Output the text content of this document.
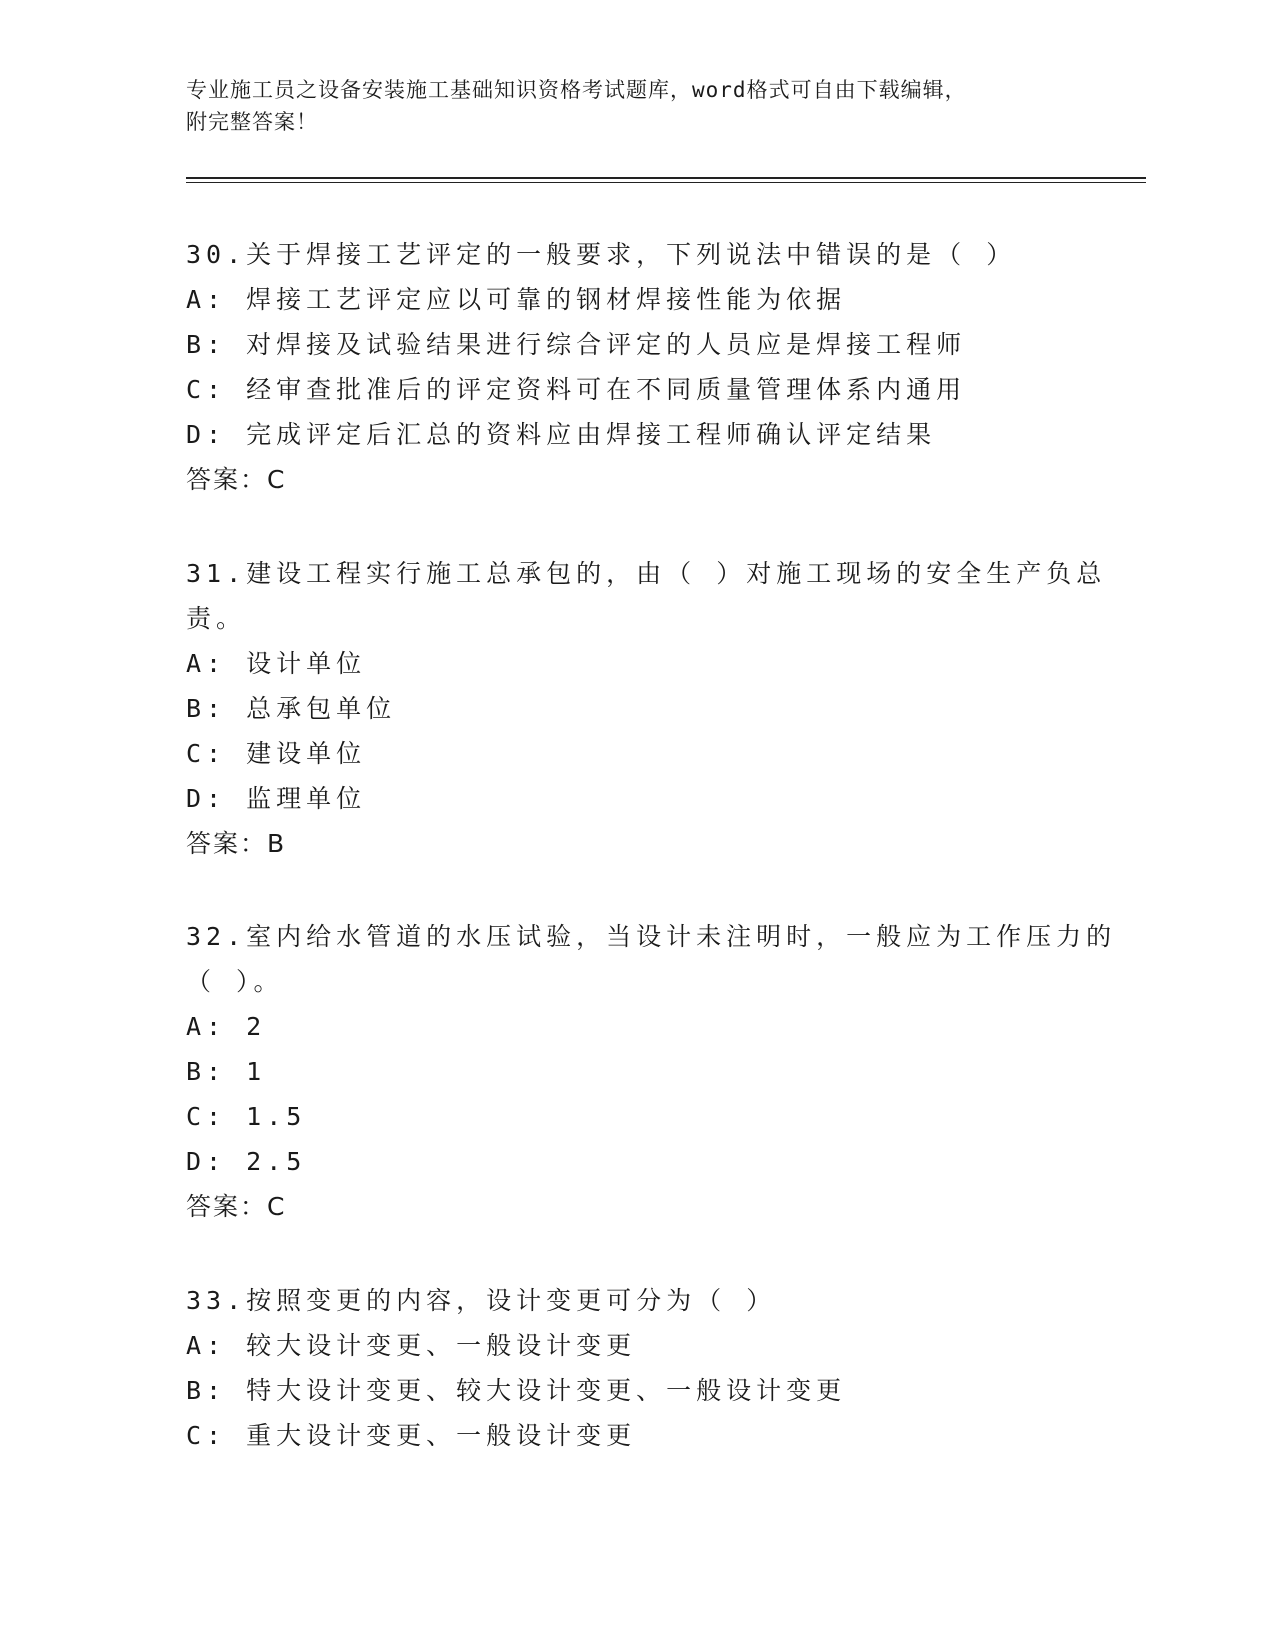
专业施工员之设备安装施工基础知识资格考试题库，word格式可自由下载编辑，
附完整答案！
30.关于焊接工艺评定的一般要求，下列说法中错误的是（ ）
A: 焊接工艺评定应以可靠的钢材焊接性能为依据
B: 对焊接及试验结果进行综合评定的人员应是焊接工程师
C: 经审查批准后的评定资料可在不同质量管理体系内通用
D: 完成评定后汇总的资料应由焊接工程师确认评定结果
答案：C
31.建设工程实行施工总承包的，由（ ）对施工现场的安全生产负总
责。
A: 设计单位
B: 总承包单位
C: 建设单位
D: 监理单位
答案：B
32.室内给水管道的水压试验，当设计未注明时，一般应为工作压力的
（ ）。
A: 2
B: 1
C: 1.5
D: 2.5
答案：C
33.按照变更的内容，设计变更可分为（ ）
A: 较大设计变更、一般设计变更
B: 特大设计变更、较大设计变更、一般设计变更
C: 重大设计变更、一般设计变更
